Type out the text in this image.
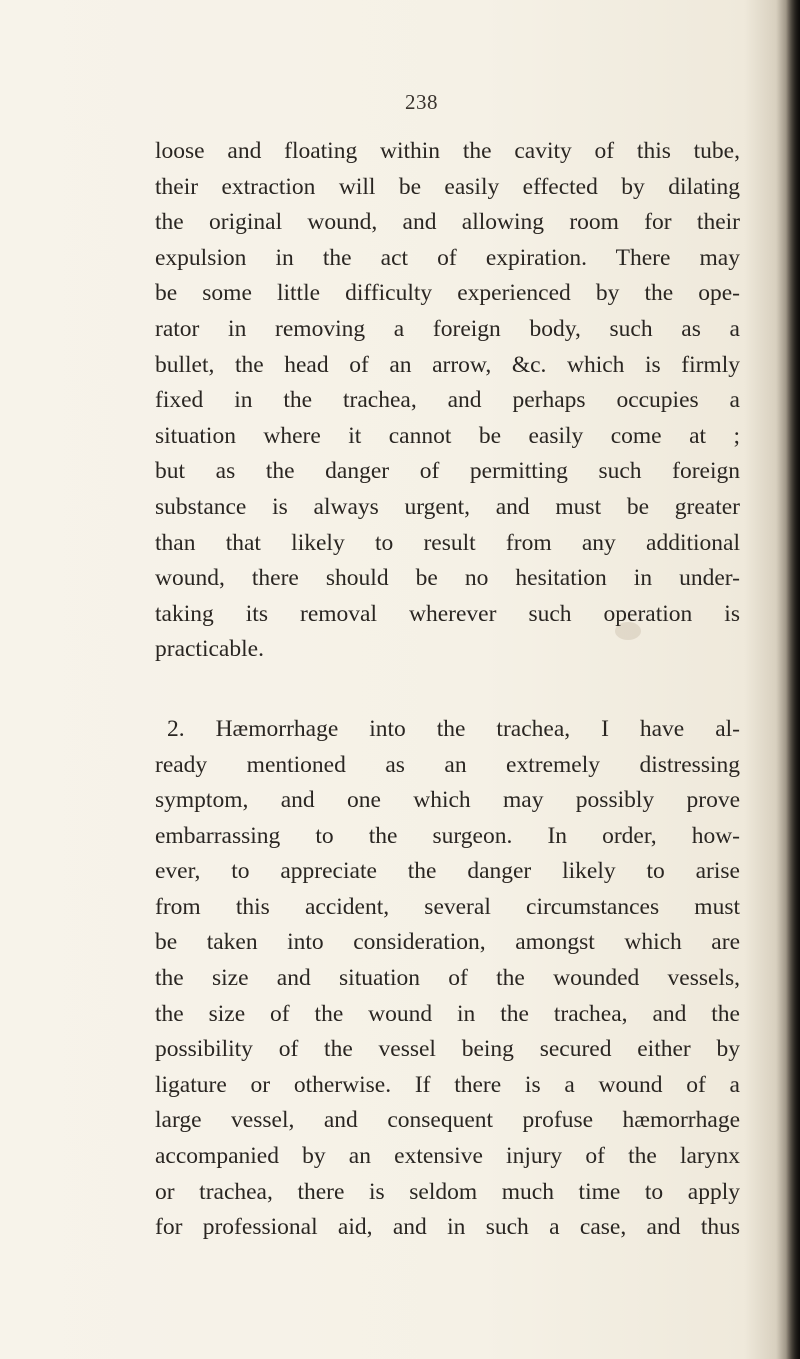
238
loose and floating within the cavity of this tube,
their extraction will be easily effected by dilating
the original wound, and allowing room for their
expulsion in the act of expiration. There may
be some little difficulty experienced by the ope-
rator in removing a foreign body, such as a
bullet, the head of an arrow, &c. which is firmly
fixed in the trachea, and perhaps occupies a
situation where it cannot be easily come at ;
but as the danger of permitting such foreign
substance is always urgent, and must be greater
than that likely to result from any additional
wound, there should be no hesitation in under-
taking its removal wherever such operation is
practicable.
2. Hæmorrhage into the trachea, I have al-
ready mentioned as an extremely distressing
symptom, and one which may possibly prove
embarrassing to the surgeon. In order, how-
ever, to appreciate the danger likely to arise
from this accident, several circumstances must
be taken into consideration, amongst which are
the size and situation of the wounded vessels,
the size of the wound in the trachea, and the
possibility of the vessel being secured either by
ligature or otherwise. If there is a wound of a
large vessel, and consequent profuse hæmorrhage
accompanied by an extensive injury of the larynx
or trachea, there is seldom much time to apply
for professional aid, and in such a case, and thus
